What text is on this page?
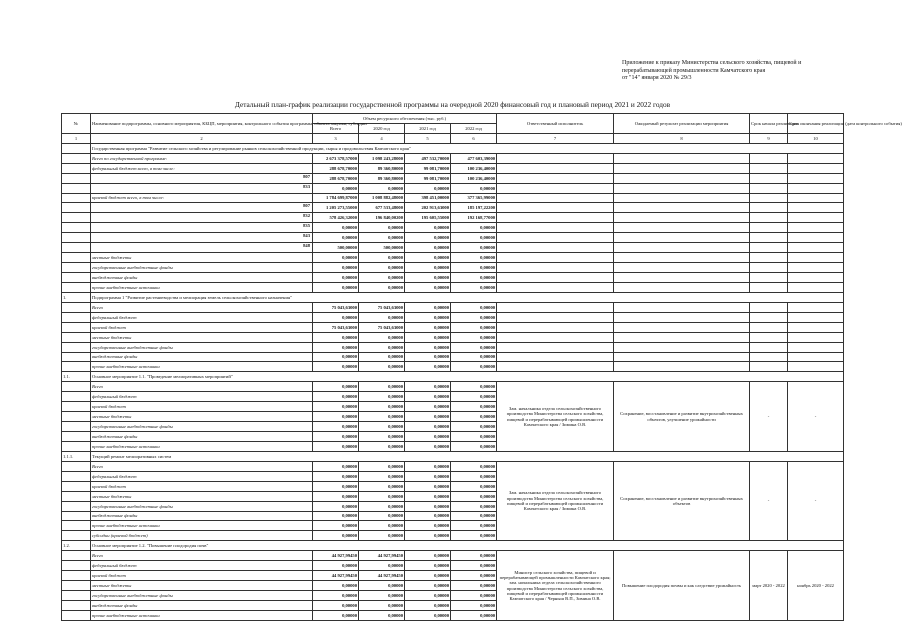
Приложение к приказу Министерства сельского хозяйства, пищевой и
перерабатывающей промышленности Камчатского края
от "14" января 2020 № 29/3
Детальный план-график реализации государственной программы на очередной 2020 финансовый год и плановый период 2021 и 2022 годов
№	Наименование подпрограммы, основного мероприятия, КБЦП, мероприятия, контрольного события программы, объекта закупки, субсидии	Объем ресурсного обеспечения (тыс. руб.)				Ответственный исполнитель	Ожидаемый результат реализации мероприятия	Срок начала реализации	Срок окончания реализации (дата контрольного события)
		Всего	2020 год	2021 год	2022 год				
1	2	3	4	5	6	7	8	9	10
	Государственная программа "Развитие сельского хозяйства и регулирование рынков сельскохозяйственной продукции, сырья и продовольствия Камчатского края"								
	Всего по государственной программе:	2 673 378,57000	1 098 243,28000	497 532,70000	477 603,39000				
	федеральный бюджет всего, в том числе:	288 678,70000	89 360,80000	99 081,70000	100 236,40000				

	807	288 678,70000	89 360,80000	99 081,70000	100 236,40000				

	833	0,00000	0,00000	0,00000	0,00000				
	краевой бюджет всего, в том числе:	1 784 699,87000	1 008 882,48000	398 451,00000	377 365,99000				

	807	1 205 273,55000	677 533,48000	202 913,63000	185 197,22200				

	832	578 426,32000	196 840,00200	195 605,55000	192 168,77000				

	835	0,00000	0,00000	0,00000	0,00000				

	843	0,00000	0,00000	0,00000	0,00000				

	848	500,00000	500,00000	0,00000	0,00000				
	местные бюджеты	0,00000	0,00000	0,00000	0,00000				
	государственные внебюджетные фонды	0,00000	0,00000	0,00000	0,00000				
	внебюджетные фонды	0,00000	0,00000	0,00000	0,00000				
	прочие внебюджетные источники	0,00000	0,00000	0,00000	0,00000				
1.	Подпрограмма 1 "Развитие растениеводства и мелиорация земель сельскохозяйственного назначения"								
	Всего	75 043,63000	75 043,63000	0,00000	0,00000				
	федеральный бюджет	0,00000	0,00000	0,00000	0,00000				
	краевой бюджет	75 043,63000	75 043,63000	0,00000	0,00000				
	местные бюджеты	0,00000	0,00000	0,00000	0,00000				
	государственные внебюджетные фонды	0,00000	0,00000	0,00000	0,00000				
	внебюджетные фонды	0,00000	0,00000	0,00000	0,00000				
	прочие внебюджетные источники	0,00000	0,00000	0,00000	0,00000				
1.1.	Основное мероприятие 1.1. "Проведение мелиоративных мероприятий"								
	Всего	0,00000	0,00000	0,00000	0,00000	Зам. начальника отдела сельскохозяйственного производства Министерства сельского хозяйства, пищевой и перерабатывающей промышленности Камчатского края / Зимина О.В.	Сохранение, восстановление и развитие внутрихозяйственных объектов, улучшение урожайности	-	-
	федеральный бюджет	0,00000	0,00000	0,00000	0,00000				
	краевой бюджет	0,00000	0,00000	0,00000	0,00000				
	местные бюджеты	0,00000	0,00000	0,00000	0,00000				
	государственные внебюджетные фонды	0,00000	0,00000	0,00000	0,00000				
	внебюджетные фонды	0,00000	0,00000	0,00000	0,00000				
	прочие внебюджетные источники	0,00000	0,00000	0,00000	0,00000				
1.1.1.	Текущий ремонт мелиоративных систем								
	Всего	0,00000	0,00000	0,00000	0,00000	Зам. начальника отдела сельскохозяйственного производства Министерства сельского хозяйства, пищевой и перерабатывающей промышленности Камчатского края / Зимина О.В.	Сохранение, восстановление и развитие внутрихозяйственных объектов	-	-
	федеральный бюджет	0,00000	0,00000	0,00000	0,00000				
	краевой бюджет	0,00000	0,00000	0,00000	0,00000				
	местные бюджеты	0,00000	0,00000	0,00000	0,00000				
	государственные внебюджетные фонды	0,00000	0,00000	0,00000	0,00000				
	внебюджетные фонды	0,00000	0,00000	0,00000	0,00000				
	прочие внебюджетные источники	0,00000	0,00000	0,00000	0,00000				
	субсидии (краевой бюджет)	0,00000	0,00000	0,00000	0,00000				
1.2.	Основное мероприятие 1.2. "Повышение плодородия почв"								
	Всего	44 927,99450	44 927,99450	0,00000	0,00000	Министр сельского хозяйства, пищевой и перерабатывающей промышленности Камчатского края; зам. начальника отдела сельскохозяйственного производства Министерства сельского хозяйства, пищевой и перерабатывающей промышленности Камчатского края / Черныш В.П., Зимина О.В.	Повышение плодородия почвы и как следствие урожайность	март 2020 - 2022	ноябрь 2020 - 2022
	федеральный бюджет	0,00000	0,00000	0,00000	0,00000				
	краевой бюджет	44 927,99450	44 927,99450	0,00000	0,00000				
	местные бюджеты	0,00000	0,00000	0,00000	0,00000				
	государственные внебюджетные фонды	0,00000	0,00000	0,00000	0,00000				
	внебюджетные фонды	0,00000	0,00000	0,00000	0,00000				
	прочие внебюджетные источники	0,00000	0,00000	0,00000	0,00000				
